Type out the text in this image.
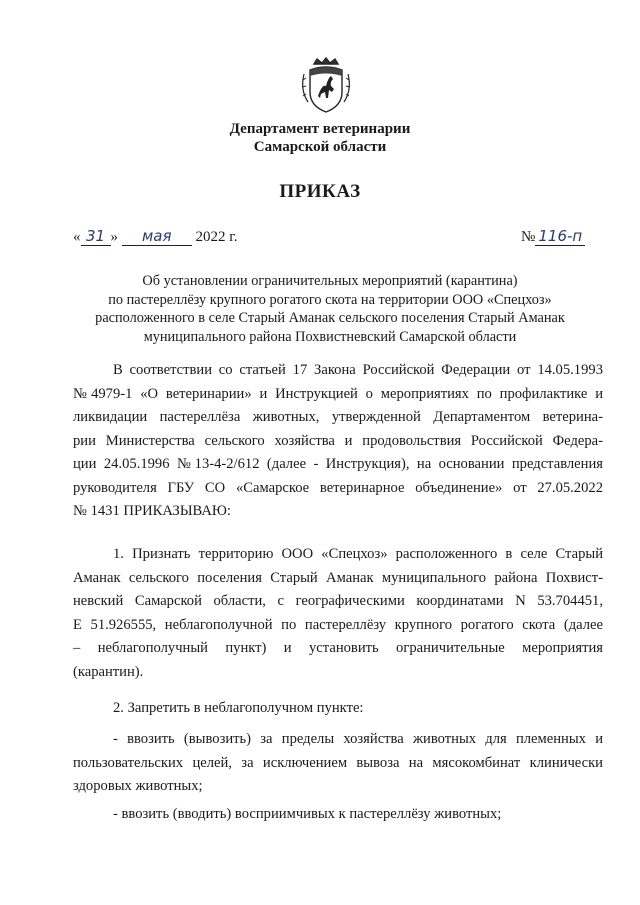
Департамент ветеринарии
Самарской области
ПРИКАЗ
« 31 » мая 2022 г.	№ 116-п
Об установлении ограничительных мероприятий (карантина)
по пастереллёзу крупного рогатого скота на территории ООО «Спецхоз»
расположенного в селе Старый Аманак сельского поселения Старый Аманак
муниципального района Похвистневский Самарской области
В соответствии со статьей 17 Закона Российской Федерации от 14.05.1993
№4979-1 «О ветеринарии» и Инструкцией о мероприятиях по профилактике и
ликвидации пастереллёза животных, утвержденной Департаментом ветерина-
рии Министерства сельского хозяйства и продовольствия Российской Федера-
ции 24.05.1996 №13-4-2/612 (далее - Инструкция), на основании представления
руководителя ГБУ СО «Самарское ветеринарное объединение» от 27.05.2022
№ 1431 ПРИКАЗЫВАЮ:
1. Признать территорию ООО «Спецхоз» расположенного в селе Старый
Аманак сельского поселения Старый Аманак муниципального района Похвист-
невский Самарской области, с географическими координатами N 53.704451,
E 51.926555, неблагополучной по пастереллёзу крупного рогатого скота (далее
– неблагополучный пункт) и установить ограничительные мероприятия
(карантин).
2. Запретить в неблагополучном пункте:
- ввозить (вывозить) за пределы хозяйства животных для племенных и
пользовательских целей, за исключением вывоза на мясокомбинат клинически
здоровых животных;
- ввозить (вводить) восприимчивых к пастереллёзу животных;
